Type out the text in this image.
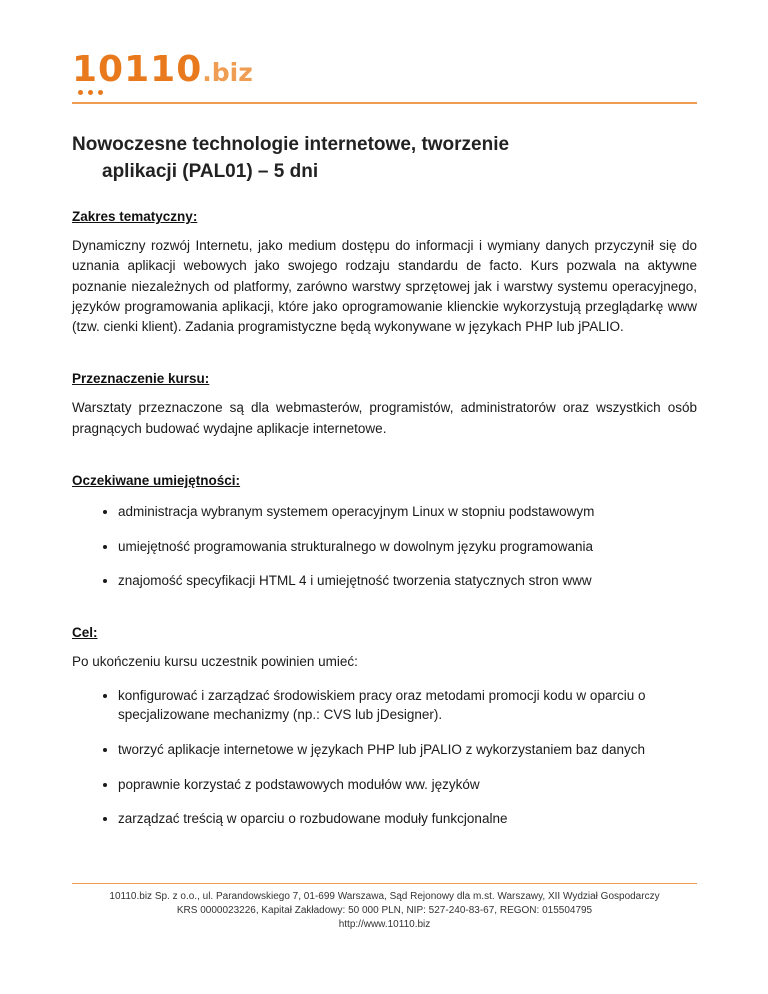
10110.biz
Nowoczesne technologie internetowe, tworzenie
aplikacji (PAL01) – 5 dni
Zakres tematyczny:

Dynamiczny rozwój Internetu, jako medium dostępu do informacji i wymiany danych przyczynił się do uznania aplikacji webowych jako swojego rodzaju standardu de facto. Kurs pozwala na aktywne poznanie niezależnych od platformy, zarówno warstwy sprzętowej jak i warstwy systemu operacyjnego, języków programowania aplikacji, które jako oprogramowanie klienckie wykorzystują przeglądarkę www (tzw. cienki klient). Zadania programistyczne będą wykonywane w językach PHP lub jPALIO.

Przeznaczenie kursu:

Warsztaty przeznaczone są dla webmasterów, programistów, administratorów oraz wszystkich osób pragnących budować wydajne aplikacje internetowe.

Oczekiwane umiejętności:
• administracja wybranym systemem operacyjnym Linux w stopniu podstawowym
• umiejętność programowania strukturalnego w dowolnym języku programowania
• znajomość specyfikacji HTML 4 i umiejętność tworzenia statycznych stron www
Cel:

Po ukończeniu kursu uczestnik powinien umieć:

• konfigurować i zarządzać środowiskiem pracy oraz metodami promocji kodu w oparciu o specjalizowane mechanizmy (np.: CVS lub jDesigner).
• tworzyć aplikacje internetowe w językach PHP lub jPALIO z wykorzystaniem baz danych
• poprawnie korzystać z podstawowych modułów ww. języków
• zarządzać treścią w oparciu o rozbudowane moduły funkcjonalne
10110.biz Sp. z o.o., ul. Parandowskiego 7, 01-699 Warszawa, Sąd Rejonowy dla m.st. Warszawy, XII Wydział Gospodarczy
KRS 0000023226, Kapitał Zakładowy: 50 000 PLN, NIP: 527-240-83-67, REGON: 015504795
http://www.10110.biz
